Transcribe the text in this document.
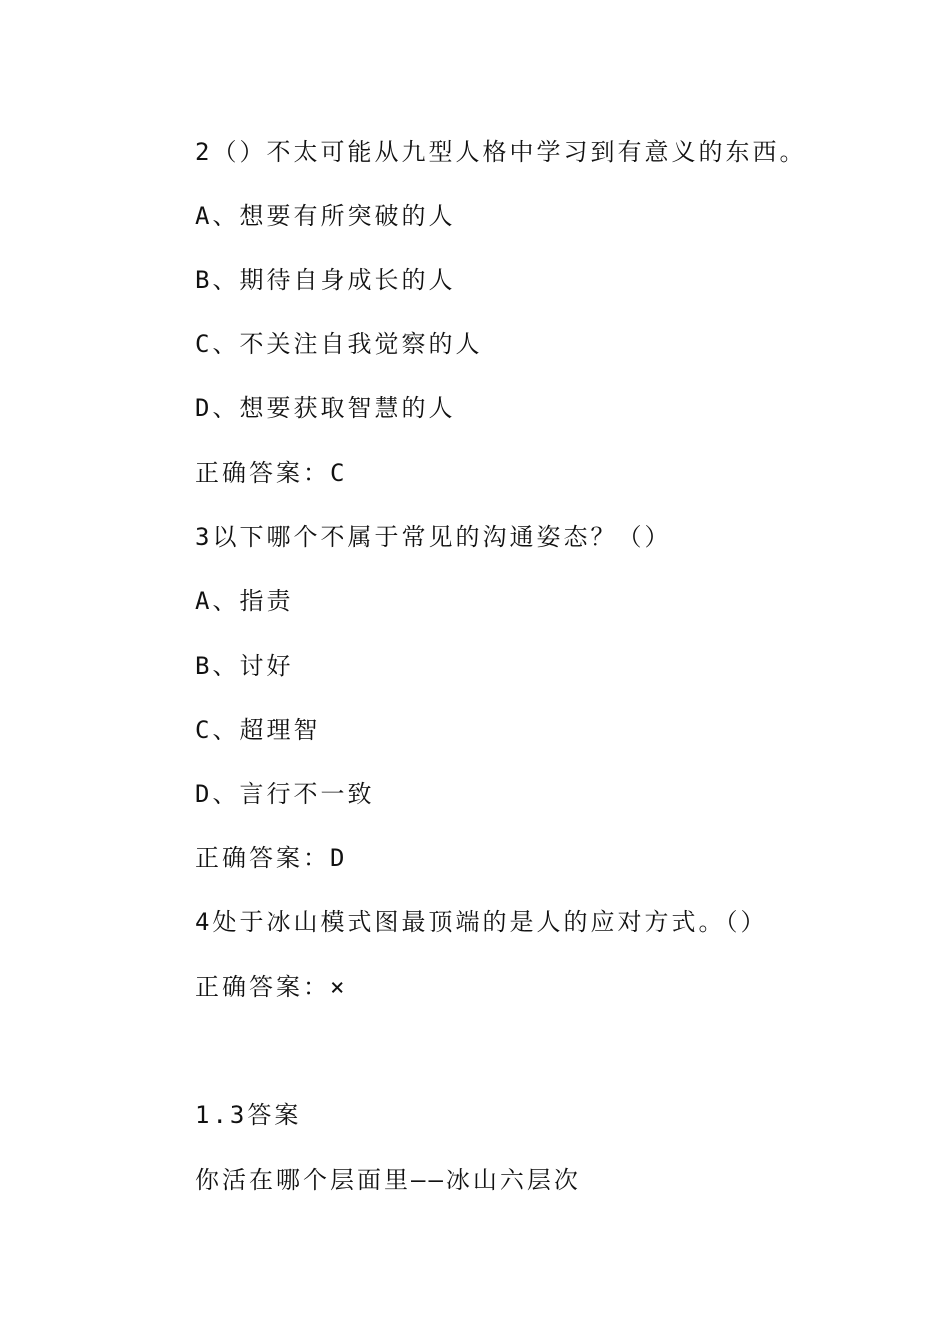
2（）不太可能从九型人格中学习到有意义的东西。
A、想要有所突破的人
B、期待自身成长的人
C、不关注自我觉察的人
D、想要获取智慧的人
正确答案：C
3以下哪个不属于常见的沟通姿态？（）
A、指责
B、讨好
C、超理智
D、言行不一致
正确答案：D
4处于冰山模式图最顶端的是人的应对方式。（）
正确答案：×
1.3答案
你活在哪个层面里——冰山六层次
